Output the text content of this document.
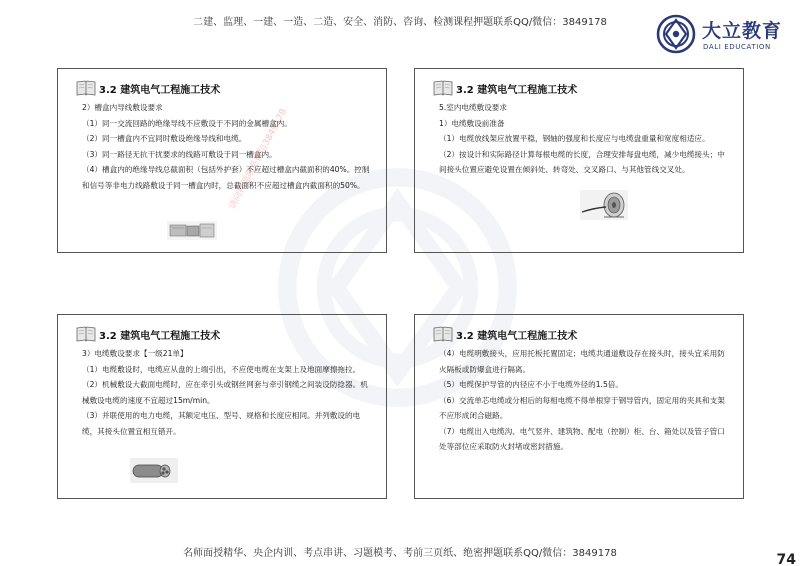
二建、监理、一建、一造、二造、安全、消防、咨询、检测课程押题联系QQ/微信：3849178	大立教育
DALI EDUCATION
请向押题联系微信3849178
3.2 建筑电气工程施工技术

2）槽盒内导线敷设要求

（1）同一交流回路的绝缘导线不应敷设于不同的金属槽盒内。

（2）同一槽盒内不宜同时敷设绝缘导线和电缆。

（3）同一路径无抗干扰要求的线路可敷设于同一槽盒内。

（4）槽盒内的绝缘导线总截面积（包括外护套）不应超过槽盒内截面积的40%。控制和信号等非电力线路敷设于同一槽盒内时，总截面积不应超过槽盒内截面积的50%。

3.2 建筑电气工程施工技术

5.室内电缆敷设要求

1）电缆敷设前准备

（1）电缆放线架应放置平稳，钢轴的强度和长度应与电缆盘重量和宽度相适应。

（2）按设计和实际路径计算每根电缆的长度，合理安排每盘电缆，减少电缆接头；中间接头位置应避免设置在倾斜处、转弯处、交叉路口、与其他管线交叉处。

3.2 建筑电气工程施工技术

3）电缆敷设要求【一级21单】

（1）电缆敷设时，电缆应从盘的上端引出，不应使电缆在支架上及地面摩擦拖拉。

（2）机械敷设大截面电缆时，应在牵引头或钢丝网套与牵引钢缆之间装设防捻器。机械敷设电缆的速度不宜超过15m/min。

（3）并联使用的电力电缆，其额定电压、型号、规格和长度应相同。并列敷设的电缆，其接头位置宜相互错开。

3.2 建筑电气工程施工技术

（4）电缆明敷接头，应用托板托置固定；电缆共通道敷设存在接头时，接头宜采用防火隔板或防爆盒进行隔离。

（5）电缆保护导管的内径应不小于电缆外径的1.5倍。

（6）交流单芯电缆或分相后的每相电缆不得单根穿于钢导管内，固定用的夹具和支架不应形成闭合磁路。

（7）电缆出入电缆沟、电气竖井、建筑物、配电（控制）柜、台、箱处以及管子管口处等部位应采取防火封堵或密封措施。

名师面授精华、央企内训、考点串讲、习题模考、考前三页纸、绝密押题联系QQ/微信：3849178	74
